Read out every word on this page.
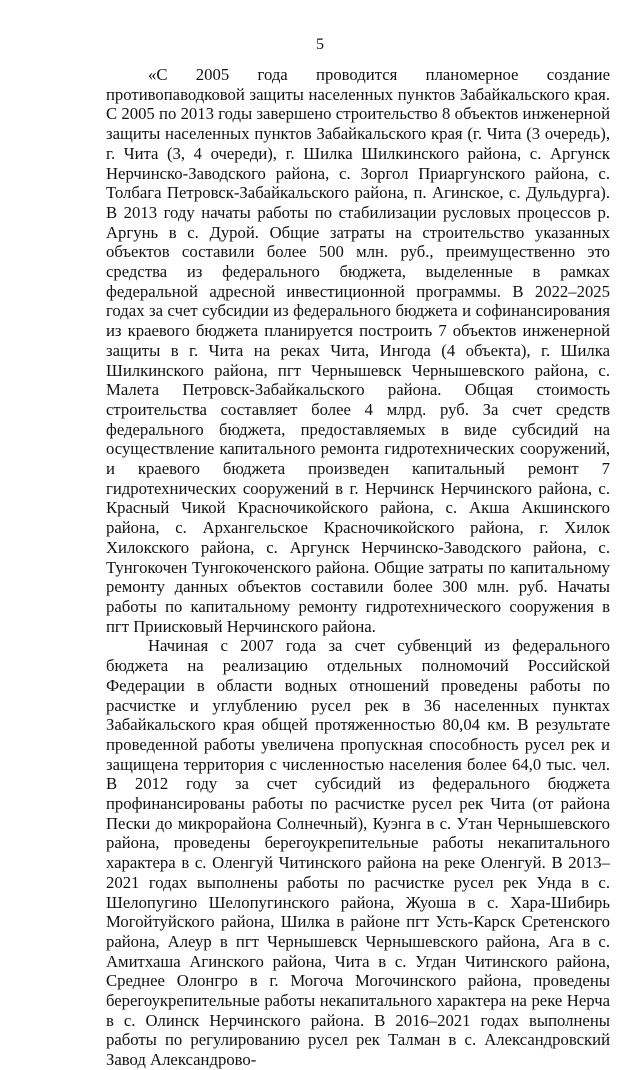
5

«С 2005 года проводится планомерное создание противопаводковой защиты населенных пунктов Забайкальского края. С 2005 по 2013 годы завершено строительство 8 объектов инженерной защиты населенных пунктов Забайкальского края (г. Чита (3 очередь), г. Чита (3, 4 очереди), г. Шилка Шилкинского района, с. Аргунск Нерчинско-Заводского района, с. Зоргол Приаргунского района, с. Толбага Петровск-Забайкальского района, п. Агинское, с. Дульдурга). В 2013 году начаты работы по стабилизации русловых процессов р. Аргунь в с. Дурой. Общие затраты на строительство указанных объектов составили более 500 млн. руб., преимущественно это средства из федерального бюджета, выделенные в рамках федеральной адресной инвестиционной программы. В 2022–2025 годах за счет субсидии из федерального бюджета и софинансирования из краевого бюджета планируется построить 7 объектов инженерной защиты в г. Чита на реках Чита, Ингода (4 объекта), г. Шилка Шилкинского района, пгт Чернышевск Чернышевского района, с. Малета Петровск-Забайкальского района. Общая стоимость строительства составляет более 4 млрд. руб. За счет средств федерального бюджета, предоставляемых в виде субсидий на осуществление капитального ремонта гидротехнических сооружений, и краевого бюджета произведен капитальный ремонт 7 гидротехнических сооружений в г. Нерчинск Нерчинского района, с. Красный Чикой Красночикойского района, с. Акша Акшинского района, с. Архангельское Красночикойского района, г. Хилок Хилокского района, с. Аргунск Нерчинско-Заводского района, с. Тунгокочен Тунгокоченского района. Общие затраты по капитальному ремонту данных объектов составили более 300 млн. руб. Начаты работы по капитальному ремонту гидротехнического сооружения в пгт Приисковый Нерчинского района.

Начиная с 2007 года за счет субвенций из федерального бюджета на реализацию отдельных полномочий Российской Федерации в области водных отношений проведены работы по расчистке и углублению русел рек в 36 населенных пунктах Забайкальского края общей протяженностью 80,04 км. В результате проведенной работы увеличена пропускная способность русел рек и защищена территория с численностью населения более 64,0 тыс. чел. В 2012 году за счет субсидий из федерального бюджета профинансированы работы по расчистке русел рек Чита (от района Пески до микрорайона Солнечный), Куэнга в с. Утан Чернышевского района, проведены берегоукрепительные работы некапитального характера в с. Оленгуй Читинского района на реке Оленгуй. В 2013–2021 годах выполнены работы по расчистке русел рек Унда в с. Шелопугино Шелопугинского района, Жуоша в с. Хара-Шибирь Могойтуйского района, Шилка в районе пгт Усть-Карск Сретенского района, Алеур в пгт Чернышевск Чернышевского района, Ага в с. Амитхаша Агинского района, Чита в с. Угдан Читинского района, Среднее Олонгро в г. Могоча Могочинского района, проведены берегоукрепительные работы некапитального характера на реке Нерча в с. Олинск Нерчинского района. В 2016–2021 годах выполнены работы по регулированию русел рек Талман в с. Александровский Завод Александрово-
